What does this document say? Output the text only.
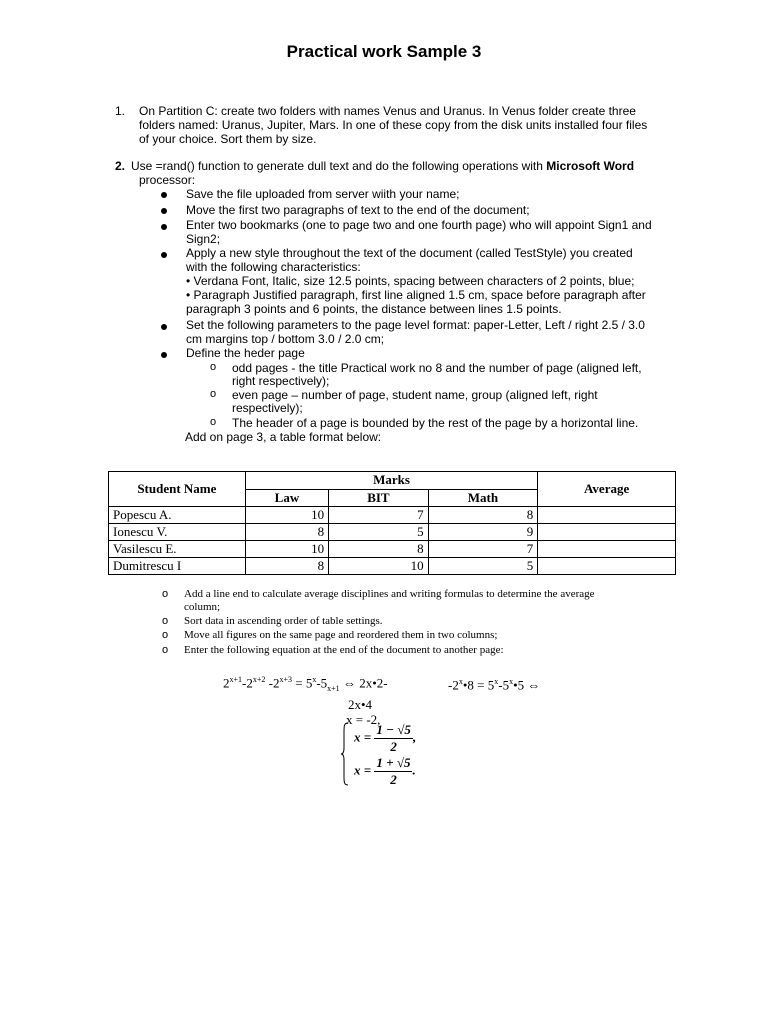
Practical work Sample 3
1. On Partition C: create two folders with names Venus and Uranus. In Venus folder create three
folders named: Uranus, Jupiter, Mars. In one of these copy from the disk units installed four files
of your choice. Sort them by size.
2. Use =rand() function to generate dull text and do the following operations with Microsoft Word
processor:
Save the file uploaded from server wiith your name;
Move the first two paragraphs of text to the end of the document;
Enter two bookmarks (one to page two and one fourth page) who will appoint Sign1 and
Sign2;
Apply a new style throughout the text of the document (called TestStyle) you created
with the following characteristics:
• Verdana Font, Italic, size 12.5 points, spacing between characters of 2 points, blue;
• Paragraph Justified paragraph, first line aligned 1.5 cm, space before paragraph after
paragraph 3 points and 6 points, the distance between lines 1.5 points.
Set the following parameters to the page level format: paper-Letter, Left / right 2.5 / 3.0
cm margins top / bottom 3.0 / 2.0 cm;
Define the heder page
o odd pages - the title Practical work no 8 and the number of page (aligned left,
right respectively);
o even page – number of page, student name, group (aligned left, right
respectively);
o The header of a page is bounded by the rest of the page by a horizontal line.
Add on page 3, a table format below:
Student Name	Marks			Average
	Law	BIT	Math	
Popescu A.	10	7	8	
Ionescu V.	8	5	9	
Vasilescu E.	10	8	7	
Dumitrescu I	8	10	5	
o Add a line end to calculate average disciplines and writing formulas to determine the average
column;
o Sort data in ascending order of table settings.
o Move all figures on the same page and reordered them in two columns;
o Enter the following equation at the end of the document to another page:
$2^{x+1}-2^{x+2}$ $-2^{x+3} = 5^x-5_{x+1}$ ⇔ 2x•2-	$-2^x•8$ = $5^x-5^x•5$ ⇔
2x•4
x = -2,
$x = \frac{1 - √5}{2}$ ,
$x = \frac{1 + √5}{2}$ .
